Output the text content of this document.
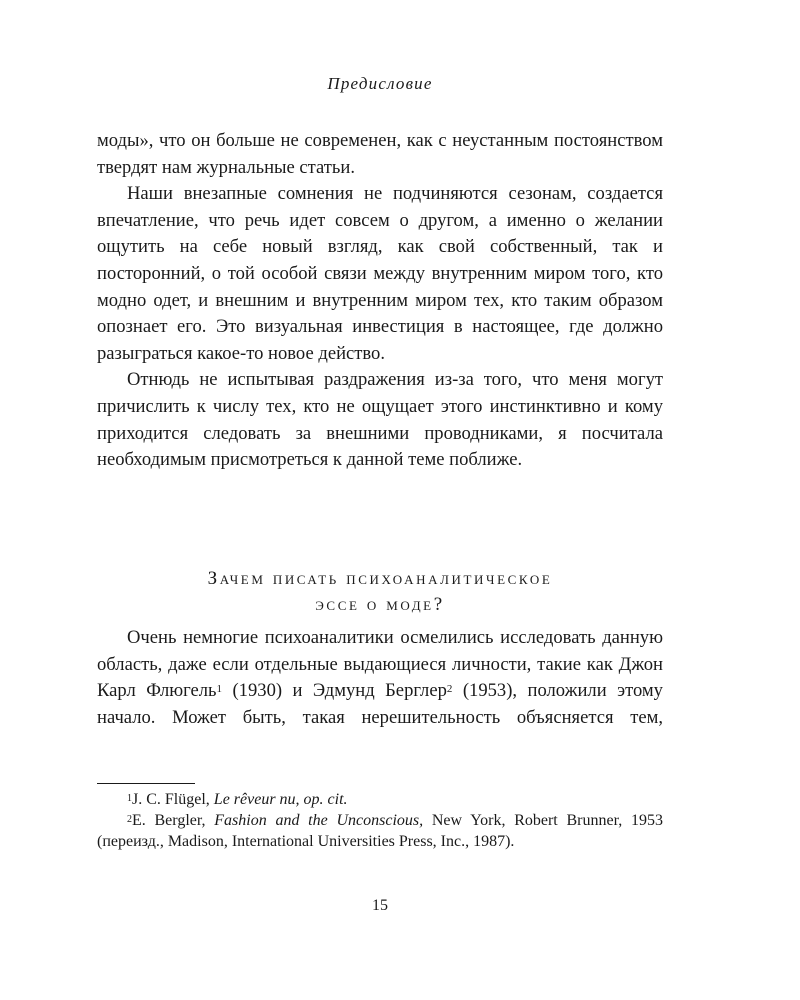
Предисловие

моды», что он больше не современен, как с неустанным постоянством твердят нам журнальные статьи.

Наши внезапные сомнения не подчиняются сезонам, создается впечатление, что речь идет совсем о другом, а именно о желании ощутить на себе новый взгляд, как свой собственный, так и посторонний, о той особой связи между внутренним миром того, кто модно одет, и внешним и внутренним миром тех, кто таким образом опознает его. Это визуальная инвестиция в настоящее, где должно разыграться какое-то новое действо.

Отнюдь не испытывая раздражения из-за того, что меня могут причислить к числу тех, кто не ощущает этого инстинктивно и кому приходится следовать за внешними проводниками, я посчитала необходимым присмотреться к данной теме поближе.

Зачем писать психоаналитическое
эссе о моде?

Очень немногие психоаналитики осмелились исследовать данную область, даже если отдельные выдающиеся личности, такие как Джон Карл Флюгель$^1$ (1930) и Эдмунд Берглер$^2$ (1953), положили этому начало. Может быть, такая нерешительность объясняется тем,

$^1$J. C. Flügel, Le rêveur nu, op. cit.

$^2$E. Bergler, Fashion and the Unconscious, New York, Robert Brunner, 1953 (переизд., Madison, International Universities Press, Inc., 1987).

15
